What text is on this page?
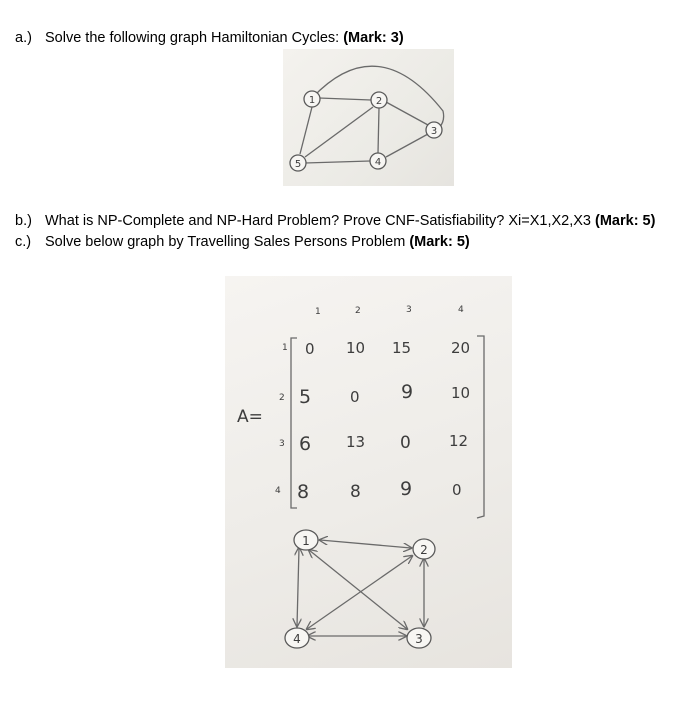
a.) Solve the following graph Hamiltonian Cycles: (Mark: 3)
1	2
3
4
5
b.) What is NP-Complete and NP-Hard Problem? Prove CNF-Satisfiability? Xi=X1,X2,X3 (Mark: 5)
c.) Solve below graph by Travelling Sales Persons Problem (Mark: 5)
1	2	3	4
1
2
3
4
A=
0 10 15	20
5	0 9	10
6 13 0	12
8 8 9	0
1
2
3
4
